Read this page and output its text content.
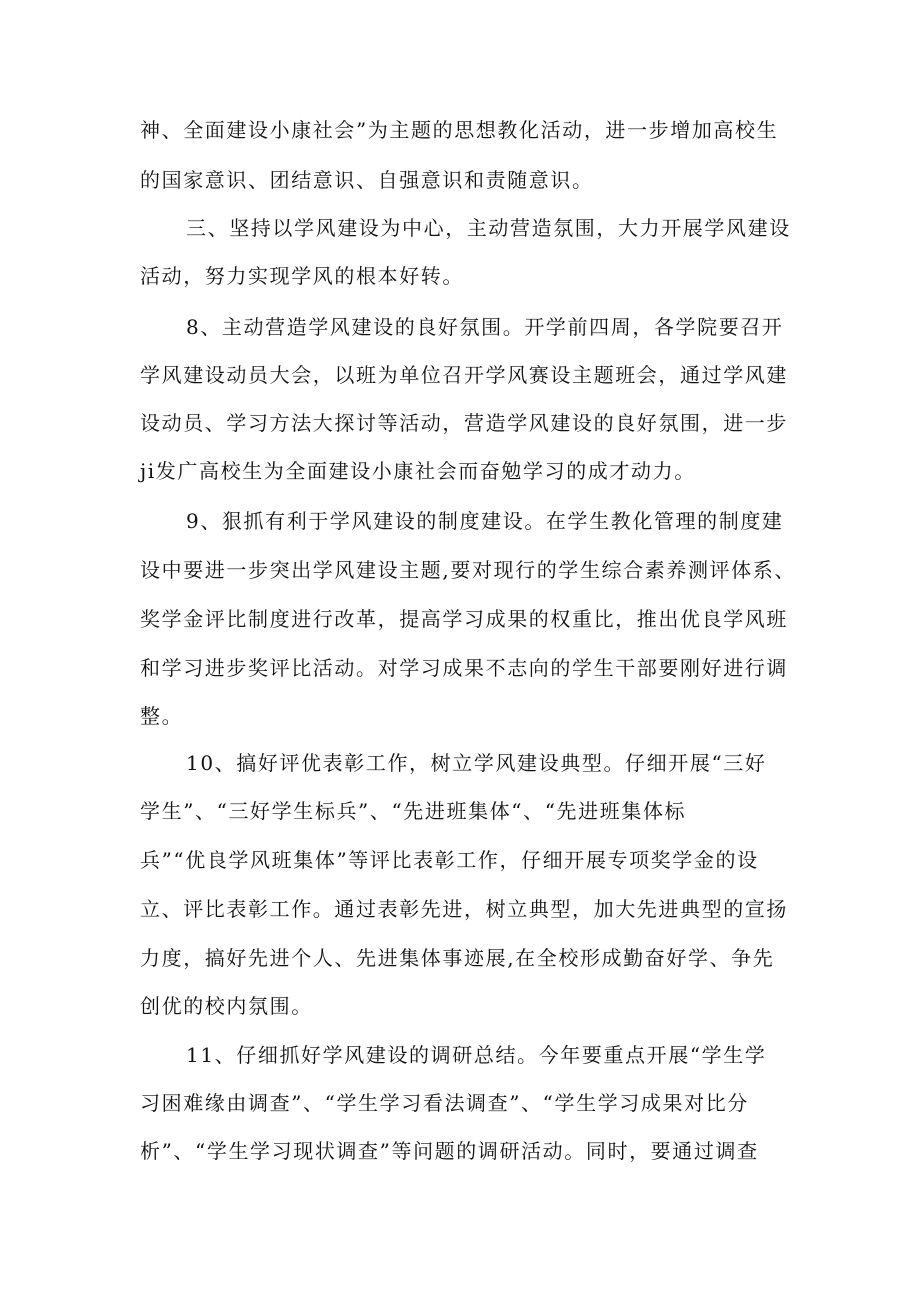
神、全面建设小康社会”为主题的思想教化活动，进一步增加高校生
的国家意识、团结意识、自强意识和责随意识。
三、坚持以学风建设为中心，主动营造氛围，大力开展学风建设
活动，努力实现学风的根本好转。
8、主动营造学风建设的良好氛围。开学前四周，各学院要召开
学风建设动员大会，以班为单位召开学风赛设主题班会，通过学风建
设动员、学习方法大探讨等活动，营造学风建设的良好氛围，进一步
ji发广高校生为全面建设小康社会而奋勉学习的成才动力。
9、狠抓有利于学风建设的制度建设。在学生教化管理的制度建
设中要进一步突出学风建设主题,要对现行的学生综合素养测评体系、
奖学金评比制度进行改革，提高学习成果的权重比，推出优良学风班
和学习进步奖评比活动。对学习成果不志向的学生干部要刚好进行调
整。
10、搞好评优表彰工作，树立学风建设典型。仔细开展“三好
学生”、“三好学生标兵”、“先进班集体“、“先进班集体标
兵”“优良学风班集体”等评比表彰工作，仔细开展专项奖学金的设
立、评比表彰工作。通过表彰先进，树立典型，加大先进典型的宣扬
力度，搞好先进个人、先进集体事迹展,在全校形成勤奋好学、争先
创优的校内氛围。
11、仔细抓好学风建设的调研总结。今年要重点开展“学生学
习困难缘由调查”、“学生学习看法调查”、“学生学习成果对比分
析”、“学生学习现状调查”等问题的调研活动。同时，要通过调查
